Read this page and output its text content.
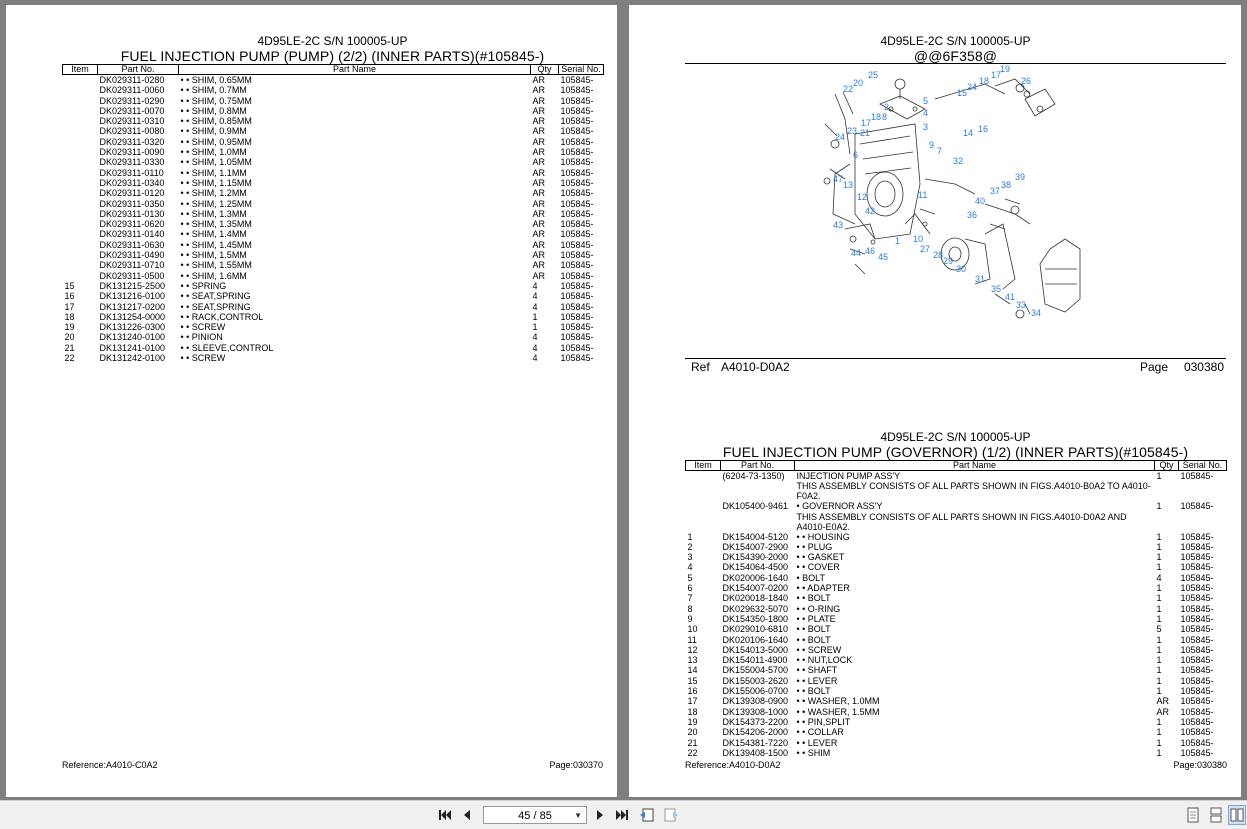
4D95LE-2C S/N 100005-UP
FUEL INJECTION PUMP (PUMP) (2/2) (INNER PARTS)(#105845-)
Item	Part No.	Part Name	Qty	Serial No.
	DK029311-0280	• • SHIM, 0.65MM	AR	105845-
	DK029311-0060	• • SHIM, 0.7MM	AR	105845-
	DK029311-0290	• • SHIM, 0.75MM	AR	105845-
	DK029311-0070	• • SHIM, 0.8MM	AR	105845-
	DK029311-0310	• • SHIM, 0.85MM	AR	105845-
	DK029311-0080	• • SHIM, 0.9MM	AR	105845-
	DK029311-0320	• • SHIM, 0.95MM	AR	105845-
	DK029311-0090	• • SHIM, 1.0MM	AR	105845-
	DK029311-0330	• • SHIM, 1.05MM	AR	105845-
	DK029311-0110	• • SHIM, 1.1MM	AR	105845-
	DK029311-0340	• • SHIM, 1.15MM	AR	105845-
	DK029311-0120	• • SHIM, 1.2MM	AR	105845-
	DK029311-0350	• • SHIM, 1.25MM	AR	105845-
	DK029311-0130	• • SHIM, 1.3MM	AR	105845-
	DK029311-0620	• • SHIM, 1.35MM	AR	105845-
	DK029311-0140	• • SHIM, 1.4MM	AR	105845-
	DK029311-0630	• • SHIM, 1.45MM	AR	105845-
	DK029311-0490	• • SHIM, 1.5MM	AR	105845-
	DK029311-0710	• • SHIM, 1.55MM	AR	105845-
	DK029311-0500	• • SHIM, 1.6MM	AR	105845-
15	DK131215-2500	• • SPRING	4	105845-
16	DK131216-0100	• • SEAT,SPRING	4	105845-
17	DK131217-0200	• • SEAT,SPRING	4	105845-
18	DK131254-0000	• • RACK,CONTROL	1	105845-
19	DK131226-0300	• • SCREW	1	105845-
20	DK131240-0100	• • PINION	4	105845-
21	DK131241-0100	• • SLEEVE,CONTROL	4	105845-
22	DK131242-0100	• • SCREW	4	105845-
Reference:A4010-C0A2	Page:030370
4D95LE-2C S/N 100005-UP
@@6F358@
25
20
22
2
5
4
18 8
17	3
24
23 21
6
9
7
32
47
13
12	11
42
43
1 10
44 46
45
27
28
29
30
31
35
41
33
34
36
40
37
38
39
19
17
18
24
15
14 16
26
Ref A4010-D0A2	Page 030380
4D95LE-2C S/N 100005-UP
FUEL INJECTION PUMP (GOVERNOR) (1/2) (INNER PARTS)(#105845-)
Item	Part No.	Part Name	Qty	Serial No.
	(6204-73-1350)	INJECTION PUMP ASS'Y	1	105845-
		THIS ASSEMBLY CONSISTS OF ALL PARTS SHOWN IN FIGS.A4010-B0A2 TO A4010-F0A2.		
	DK105400-9461	• GOVERNOR ASS'Y	1	105845-
		THIS ASSEMBLY CONSISTS OF ALL PARTS SHOWN IN FIGS.A4010-D0A2 AND A4010-E0A2.		
1	DK154004-5120	• • HOUSING	1	105845-
2	DK154007-2900	• • PLUG	1	105845-
3	DK154390-2000	• • GASKET	1	105845-
4	DK154064-4500	• • COVER	1	105845-
5	DK020006-1640	• BOLT	4	105845-
6	DK154007-0200	• • ADAPTER	1	105845-
7	DK020018-1840	• • BOLT	1	105845-
8	DK029632-5070	• • O-RING	1	105845-
9	DK154350-1800	• • PLATE	1	105845-
10	DK029010-6810	• • BOLT	5	105845-
11	DK020106-1640	• • BOLT	1	105845-
12	DK154013-5000	• • SCREW	1	105845-
13	DK154011-4900	• • NUT,LOCK	1	105845-
14	DK155004-5700	• • SHAFT	1	105845-
15	DK155003-2620	• • LEVER	1	105845-
16	DK155006-0700	• • BOLT	1	105845-
17	DK139308-0900	• • WASHER, 1.0MM	AR	105845-
18	DK139308-1000	• • WASHER, 1.5MM	AR	105845-
19	DK154373-2200	• • PIN,SPLIT	1	105845-
20	DK154206-2000	• • COLLAR	1	105845-
21	DK154381-7220	• • LEVER	1	105845-
22	DK139408-1500	• • SHIM	1	105845-
Reference:A4010-D0A2	Page:030380
45 / 85	▼
